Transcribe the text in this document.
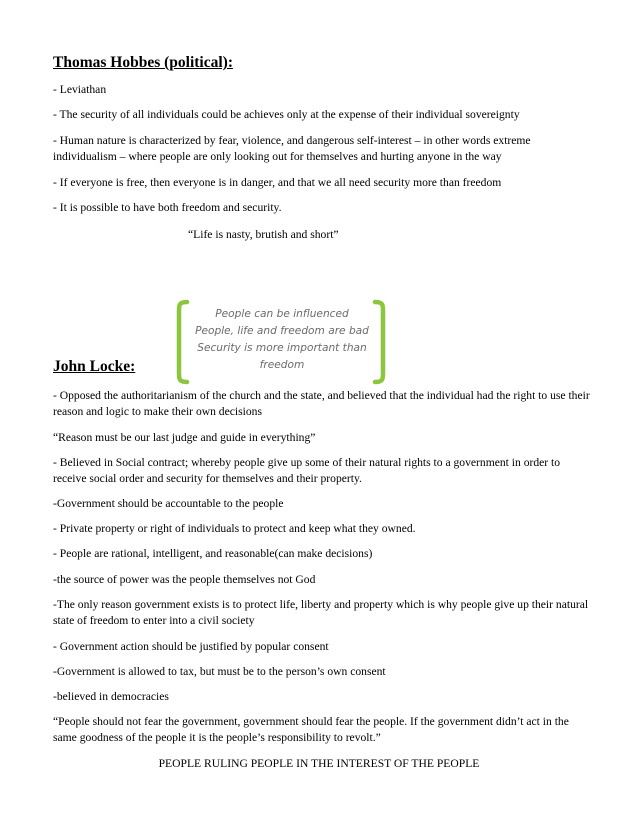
Thomas Hobbes (political):
- Leviathan
- The security of all individuals could be achieves only at the expense of their individual sovereignty
- Human nature is characterized by fear, violence, and dangerous self-interest – in other words extreme individualism – where people are only looking out for themselves and hurting anyone in the way
- If everyone is free, then everyone is in danger, and that we all need security more than freedom
- It is possible to have both freedom and security.
“Life is nasty, brutish and short”
People can be influenced
People, life and freedom are bad
Security is more important than
freedom
John Locke:
- Opposed the authoritarianism of the church and the state, and believed that the individual had the right to use their reason and logic to make their own decisions
“Reason must be our last judge and guide in everything”
- Believed in Social contract; whereby people give up some of their natural rights to a government in order to receive social order and security for themselves and their property.
-Government should be accountable to the people
- Private property or right of individuals to protect and keep what they owned.
- People are rational, intelligent, and reasonable(can make decisions)
-the source of power was the people themselves not God
-The only reason government exists is to protect life, liberty and property which is why people give up their natural state of freedom to enter into a civil society
- Government action should be justified by popular consent
-Government is allowed to tax, but must be to the person’s own consent
-believed in democracies
“People should not fear the government, government should fear the people. If the government didn’t act in the same goodness of the people it is the people’s responsibility to revolt.”
PEOPLE RULING PEOPLE IN THE INTEREST OF THE PEOPLE
